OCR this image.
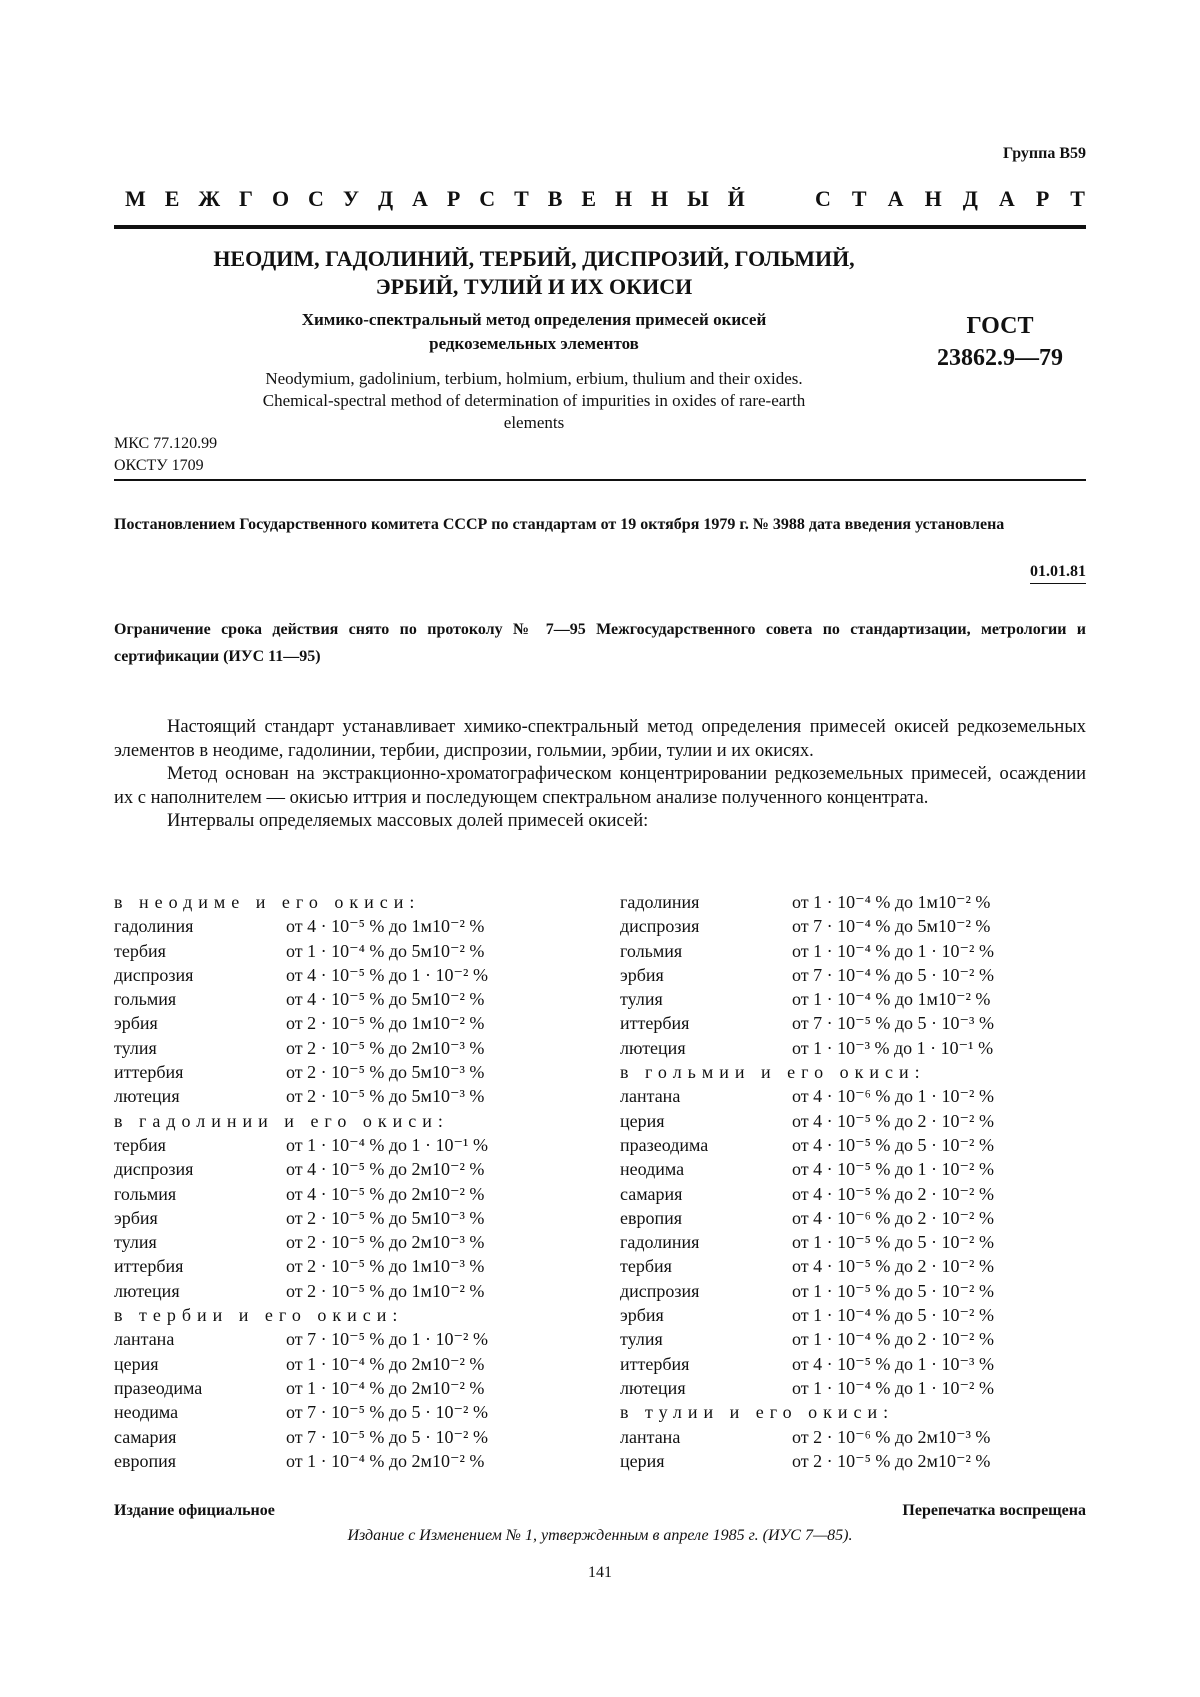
Группа В59
М Е Ж Г О С У Д А Р С Т В Е Н Н Ы Й	С Т А Н Д А Р Т
НЕОДИМ, ГАДОЛИНИЙ, ТЕРБИЙ, ДИСПРОЗИЙ, ГОЛЬМИЙ,
ЭРБИЙ, ТУЛИЙ И ИХ ОКИСИ
Химико-спектральный метод определения примесей окисей
редкоземельных элементов
Neodymium, gadolinium, terbium, holmium, erbium, thulium and their oxides.
Chemical-spectral method of determination of impurities in oxides of rare-earth
elements
ГОСТ
23862.9—79
МКС 77.120.99
ОКСТУ 1709
Постановлением Государственного комитета СССР по стандартам от 19 октября 1979 г. № 3988 дата введения установлена
01.01.81
Ограничение срока действия снято по протоколу № 7—95 Межгосударственного совета по стандартизации, метрологии и сертификации (ИУС 11—95)

Настоящий стандарт устанавливает химико-спектральный метод определения примесей окисей редкоземельных элементов в неодиме, гадолинии, тербии, диспрозии, гольмии, эрбии, тулии и их окисях.

Метод основан на экстракционно-хроматографическом концентрировании редкоземельных примесей, осаждении их с наполнителем — окисью иттрия и последующем спектральном анализе полученного концентрата.

Интервалы определяемых массовых долей примесей окисей:

в неодиме и его окиси:
гадолиния	от 4 · 10⁻⁵ % до 1м10⁻² %
тербия	от 1 · 10⁻⁴ % до 5м10⁻² %
диспрозия	от 4 · 10⁻⁵ % до 1 · 10⁻² %
гольмия	от 4 · 10⁻⁵ % до 5м10⁻² %
эрбия	от 2 · 10⁻⁵ % до 1м10⁻² %
тулия	от 2 · 10⁻⁵ % до 2м10⁻³ %
иттербия	от 2 · 10⁻⁵ % до 5м10⁻³ %
лютеция	от 2 · 10⁻⁵ % до 5м10⁻³ %
в гадолинии и его окиси:
тербия	от 1 · 10⁻⁴ % до 1 · 10⁻¹ %
диспрозия	от 4 · 10⁻⁵ % до 2м10⁻² %
гольмия	от 4 · 10⁻⁵ % до 2м10⁻² %
эрбия	от 2 · 10⁻⁵ % до 5м10⁻³ %
тулия	от 2 · 10⁻⁵ % до 2м10⁻³ %
иттербия	от 2 · 10⁻⁵ % до 1м10⁻³ %
лютеция	от 2 · 10⁻⁵ % до 1м10⁻² %
в тербии и его окиси:
лантана	от 7 · 10⁻⁵ % до 1 · 10⁻² %
церия	от 1 · 10⁻⁴ % до 2м10⁻² %
празеодима	от 1 · 10⁻⁴ % до 2м10⁻² %
неодима	от 7 · 10⁻⁵ % до 5 · 10⁻² %
самария	от 7 · 10⁻⁵ % до 5 · 10⁻² %
европия	от 1 · 10⁻⁴ % до 2м10⁻² %
гадолиния	от 1 · 10⁻⁴ % до 1м10⁻² %
диспрозия	от 7 · 10⁻⁴ % до 5м10⁻² %
гольмия	от 1 · 10⁻⁴ % до 1 · 10⁻² %
эрбия	от 7 · 10⁻⁴ % до 5 · 10⁻² %
тулия	от 1 · 10⁻⁴ % до 1м10⁻² %
иттербия	от 7 · 10⁻⁵ % до 5 · 10⁻³ %
лютеция	от 1 · 10⁻³ % до 1 · 10⁻¹ %
в гольмии и его окиси:
лантана	от 4 · 10⁻⁶ % до 1 · 10⁻² %
церия	от 4 · 10⁻⁵ % до 2 · 10⁻² %
празеодима	от 4 · 10⁻⁵ % до 5 · 10⁻² %
неодима	от 4 · 10⁻⁵ % до 1 · 10⁻² %
самария	от 4 · 10⁻⁵ % до 2 · 10⁻² %
европия	от 4 · 10⁻⁶ % до 2 · 10⁻² %
гадолиния	от 1 · 10⁻⁵ % до 5 · 10⁻² %
тербия	от 4 · 10⁻⁵ % до 2 · 10⁻² %
диспрозия	от 1 · 10⁻⁵ % до 5 · 10⁻² %
эрбия	от 1 · 10⁻⁴ % до 5 · 10⁻² %
тулия	от 1 · 10⁻⁴ % до 2 · 10⁻² %
иттербия	от 4 · 10⁻⁵ % до 1 · 10⁻³ %
лютеция	от 1 · 10⁻⁴ % до 1 · 10⁻² %
в тулии и его окиси:
лантана	от 2 · 10⁻⁶ % до 2м10⁻³ %
церия	от 2 · 10⁻⁵ % до 2м10⁻² %
Издание официальное	Перепечатка воспрещена
Издание с Изменением № 1, утвержденным в апреле 1985 г. (ИУС 7—85).
141
